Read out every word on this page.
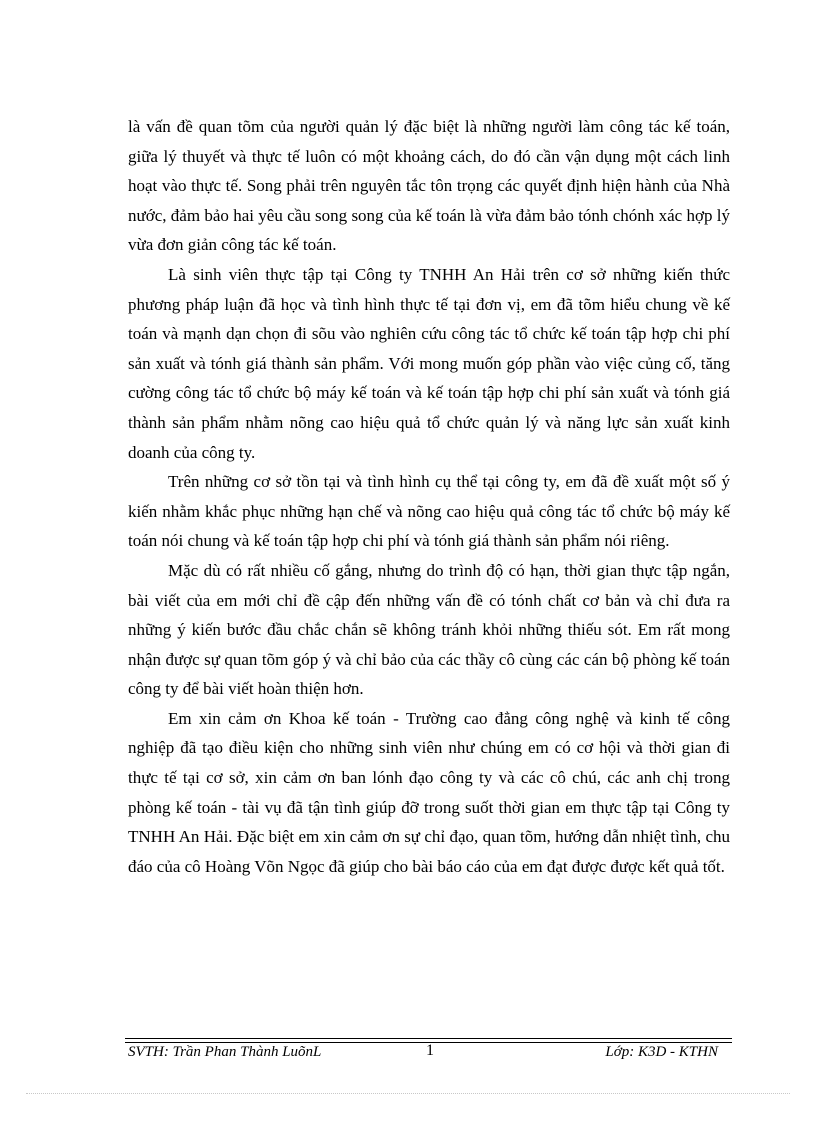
là vấn đề quan tõm của người quản lý đặc biệt là những người làm công tác kế toán, giữa lý thuyết và thực tế luôn có một khoảng cách, do đó cần vận dụng một cách linh hoạt vào thực tế. Song phải trên nguyên tắc tôn trọng các quyết định hiện hành của Nhà nước, đảm bảo hai yêu cầu song song của kế toán là vừa đảm bảo tónh chónh xác hợp lý vừa đơn giản công tác kế toán.

Là sinh viên thực tập tại Công ty TNHH An Hải trên cơ sở những kiến thức phương pháp luận đã học và tình hình thực tế tại đơn vị, em đã tõm hiểu chung về kế toán và mạnh dạn chọn đi sõu vào nghiên cứu công tác tổ chức kế toán tập hợp chi phí sản xuất và tónh giá thành sản phẩm. Với mong muốn góp phần vào việc củng cố, tăng cường công tác tổ chức bộ máy kế toán và kế toán tập hợp chi phí sản xuất và tónh giá thành sản phẩm nhằm nõng cao hiệu quả tổ chức quản lý và năng lực sản xuất kinh doanh của công ty.

Trên những cơ sở tồn tại và tình hình cụ thể tại công ty, em đã đề xuất một số ý kiến nhằm khắc phục những hạn chế và nõng cao hiệu quả công tác tổ chức bộ máy kế toán nói chung và kế toán tập hợp chi phí và tónh giá thành sản phẩm nói riêng.

Mặc dù có rất nhiều cố gắng, nhưng do trình độ có hạn, thời gian thực tập ngắn, bài viết của em mới chỉ đề cập đến những vấn đề có tónh chất cơ bản và chỉ đưa ra những ý kiến bước đầu chắc chắn sẽ không tránh khỏi những thiếu sót. Em rất mong nhận được sự quan tõm góp ý và chỉ bảo của các thầy cô cùng các cán bộ phòng kế toán công ty để bài viết hoàn thiện hơn.

Em xin cảm ơn Khoa kế toán - Trường cao đẳng công nghệ và kinh tế công nghiệp đã tạo điều kiện cho những sinh viên như chúng em có cơ hội và thời gian đi thực tế tại cơ sở, xin cảm ơn ban lónh đạo công ty và các cô chú, các anh chị trong phòng kế toán - tài vụ đã tận tình giúp đỡ trong suốt thời gian em thực tập tại Công ty TNHH An Hải. Đặc biệt em xin cảm ơn sự chỉ đạo, quan tõm, hướng dẫn nhiệt tình, chu đáo của cô Hoàng Võn Ngọc đã giúp cho bài báo cáo của em đạt được được kết quả tốt.

SVTH: Trần Phan Thành LuõnL	1	Lớp: K3D - KTHN
